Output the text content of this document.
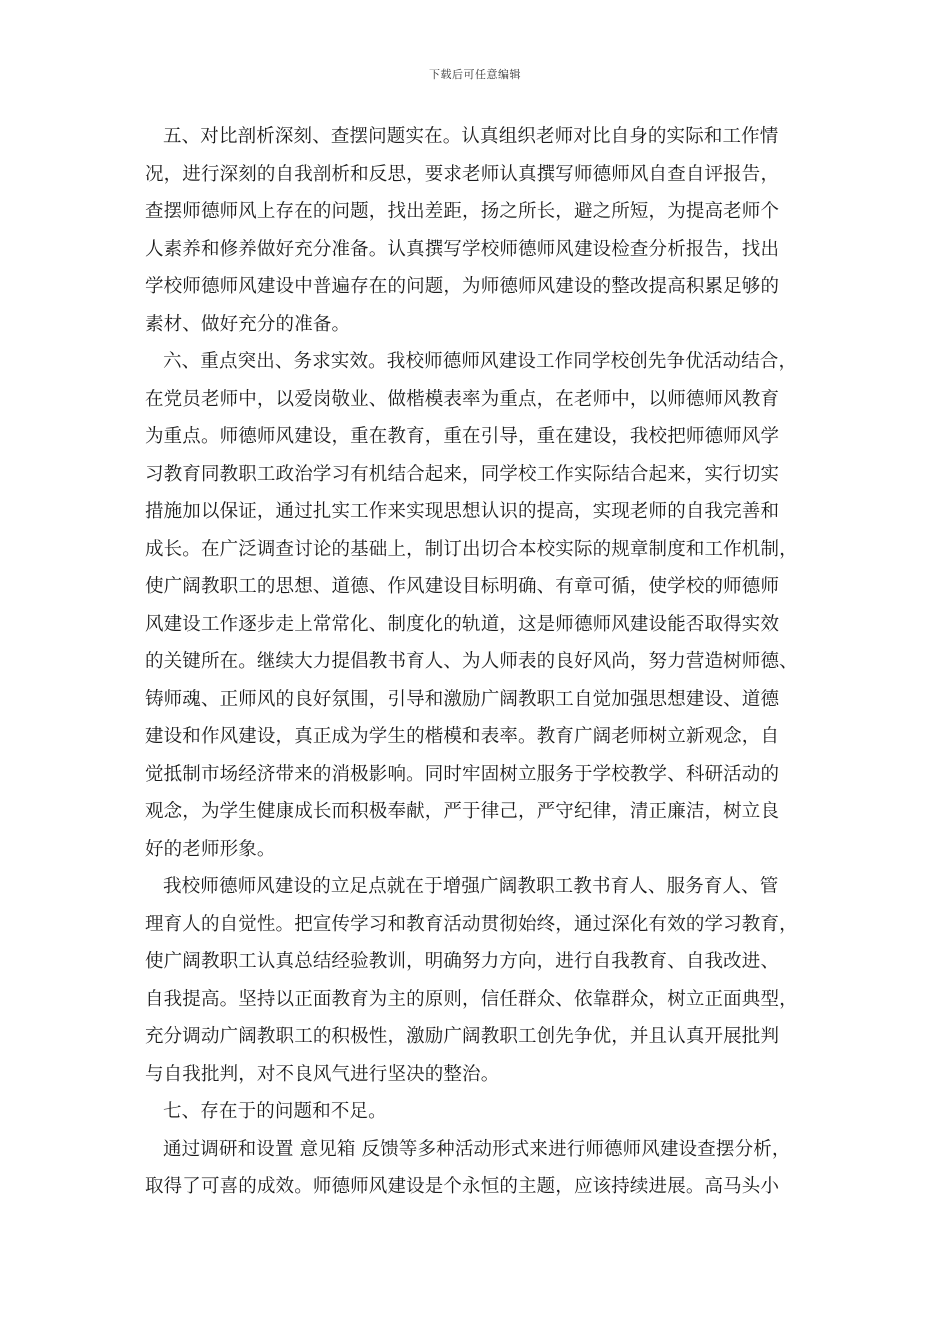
下载后可任意编辑
五、对比剖析深刻、查摆问题实在。认真组织老师对比自身的实际和工作情
况，进行深刻的自我剖析和反思，要求老师认真撰写师德师风自查自评报告，
查摆师德师风上存在的问题，找出差距，扬之所长，避之所短，为提高老师个
人素养和修养做好充分准备。认真撰写学校师德师风建设检查分析报告，找出
学校师德师风建设中普遍存在的问题，为师德师风建设的整改提高积累足够的
素材、做好充分的准备。
六、重点突出、务求实效。我校师德师风建设工作同学校创先争优活动结合，
在党员老师中，以爱岗敬业、做楷模表率为重点，在老师中，以师德师风教育
为重点。师德师风建设，重在教育，重在引导，重在建设，我校把师德师风学
习教育同教职工政治学习有机结合起来，同学校工作实际结合起来，实行切实
措施加以保证，通过扎实工作来实现思想认识的提高，实现老师的自我完善和
成长。在广泛调查讨论的基础上，制订出切合本校实际的规章制度和工作机制，
使广阔教职工的思想、道德、作风建设目标明确、有章可循，使学校的师德师
风建设工作逐步走上常常化、制度化的轨道，这是师德师风建设能否取得实效
的关键所在。继续大力提倡教书育人、为人师表的良好风尚，努力营造树师德、
铸师魂、正师风的良好氛围，引导和激励广阔教职工自觉加强思想建设、道德
建设和作风建设，真正成为学生的楷模和表率。教育广阔老师树立新观念，自
觉抵制市场经济带来的消极影响。同时牢固树立服务于学校教学、科研活动的
观念，为学生健康成长而积极奉献，严于律己，严守纪律，清正廉洁，树立良
好的老师形象。
我校师德师风建设的立足点就在于增强广阔教职工教书育人、服务育人、管
理育人的自觉性。把宣传学习和教育活动贯彻始终，通过深化有效的学习教育，
使广阔教职工认真总结经验教训，明确努力方向，进行自我教育、自我改进、
自我提高。坚持以正面教育为主的原则，信任群众、依靠群众，树立正面典型，
充分调动广阔教职工的积极性，激励广阔教职工创先争优，并且认真开展批判
与自我批判，对不良风气进行坚决的整治。
七、存在于的问题和不足。
通过调研和设置 意见箱 反馈等多种活动形式来进行师德师风建设查摆分析，
取得了可喜的成效。师德师风建设是个永恒的主题，应该持续进展。高马头小
